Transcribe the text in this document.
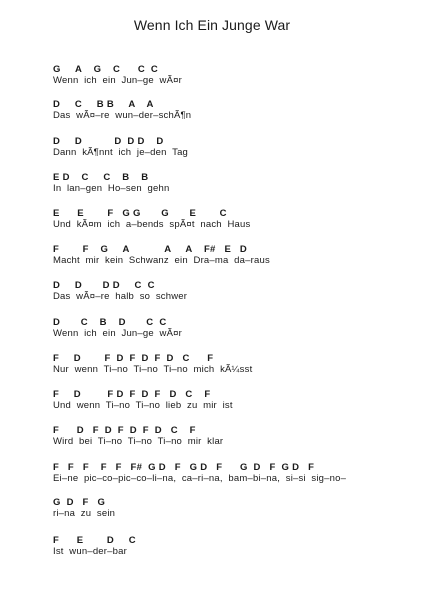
Wenn Ich Ein Junge War
G     A    G    C      C  C
Wenn  ich  ein  Jun–ge  wÃ¤r
D     C     B B     A    A
Das  wÃ¤–re  wun–der–schÃ¶n
D     D           D  D D    D
Dann  kÃ¶nnt  ich  je–den  Tag
E D    C     C    B    B
In  lan–gen  Ho–sen  gehn
E      E        F   G G       G       E        C
Und  kÃ¤m  ich  a–bends  spÃ¤t  nach  Haus
F        F    G     A            A     A    F#   E   D
Macht  mir  kein  Schwanz  ein  Dra–ma  da–raus
D     D       D D     C  C
Das  wÃ¤–re  halb  so  schwer
D       C    B    D       C  C
Wenn  ich  ein  Jun–ge  wÃ¤r
F     D        F  D  F  D  F  D   C      F
Nur  wenn  Ti–no  Ti–no  Ti–no  mich  kÃ¼sst
F     D         F D  F  D  F   D   C    F
Und  wenn  Ti–no  Ti–no  lieb  zu  mir  ist
F      D   F  D  F  D  F  D   C    F
Wird  bei  Ti–no  Ti–no  Ti–no  mir  klar
F   F   F    F   F   F#  G D   F   G D   F      G  D   F  G D   F
Ei–ne  pic–co–pic–co–li–na,  ca–ri–na,  bam–bi–na,  si–si  sig–no–
G  D   F   G
ri–na  zu  sein
F      E        D     C
Ist  wun–der–bar
